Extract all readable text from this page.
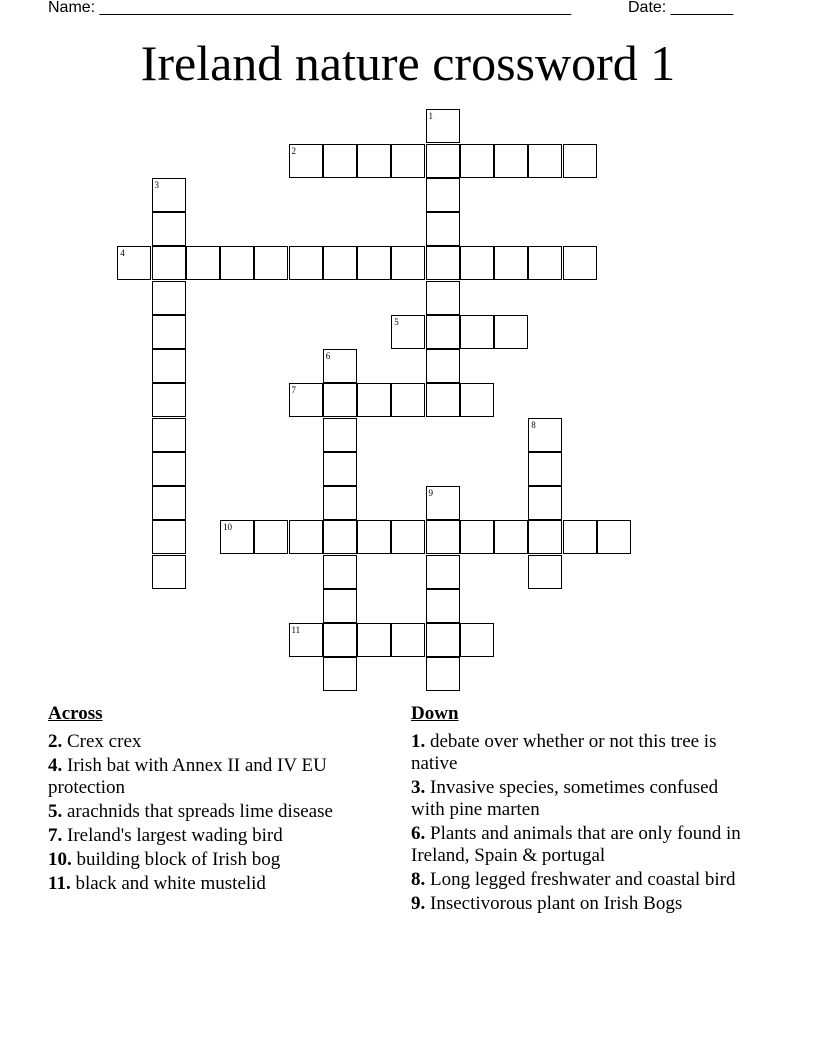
Name: _____________________________________________________	Date: _______
Ireland nature crossword 1
1
2
3
4
5
6
7
8
9
10
11
Across
2. Crex crex
4. Irish bat with Annex II and IV EU protection
5. arachnids that spreads lime disease
7. Ireland's largest wading bird
10. building block of Irish bog
11. black and white mustelid
Down
1. debate over whether or not this tree is native
3. Invasive species, sometimes confused with pine marten
6. Plants and animals that are only found in Ireland, Spain & portugal
8. Long legged freshwater and coastal bird
9. Insectivorous plant on Irish Bogs
